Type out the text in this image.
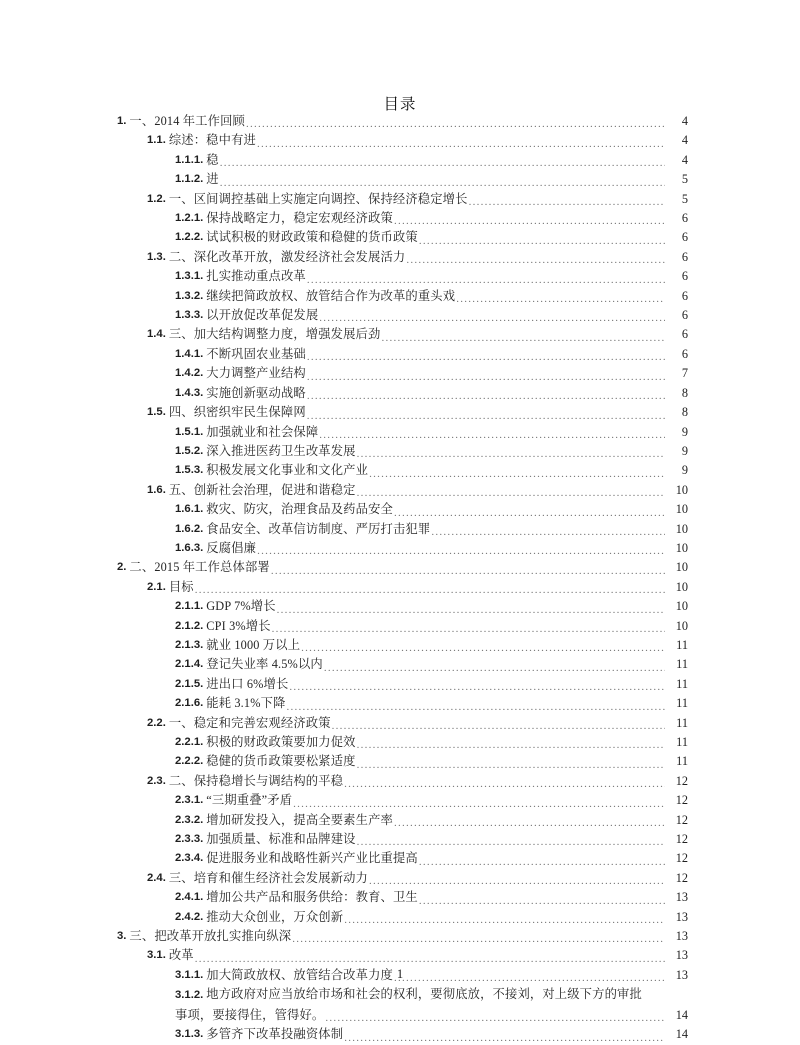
目录
1. 一、2014 年工作回顾 .....	4
1.1. 综述：稳中有进 .....	4
1.1.1. 稳 .....	4
1.1.2. 进 .....	5
1.2. 一、区间调控基础上实施定向调控、保持经济稳定增长 .....	5
1.2.1. 保持战略定力，稳定宏观经济政策 .....	6
1.2.2. 试试积极的财政政策和稳健的货币政策 .....	6
1.3. 二、深化改革开放，激发经济社会发展活力 .....	6
1.3.1. 扎实推动重点改革 .....	6
1.3.2. 继续把简政放权、放管结合作为改革的重头戏 .....	6
1.3.3. 以开放促改革促发展 .....	6
1.4. 三、加大结构调整力度，增强发展后劲 .....	6
1.4.1. 不断巩固农业基础 .....	6
1.4.2. 大力调整产业结构 .....	7
1.4.3. 实施创新驱动战略 .....	8
1.5. 四、织密织牢民生保障网 .....	8
1.5.1. 加强就业和社会保障 .....	9
1.5.2. 深入推进医药卫生改革发展 .....	9
1.5.3. 积极发展文化事业和文化产业 .....	9
1.6. 五、创新社会治理，促进和谐稳定 .....	10
1.6.1. 救灾、防灾，治理食品及药品安全 .....	10
1.6.2. 食品安全、改革信访制度、严厉打击犯罪 .....	10
1.6.3. 反腐倡廉 .....	10
2. 二、2015 年工作总体部署 .....	10
2.1. 目标 .....	10
2.1.1. GDP 7%增长 .....	10
2.1.2. CPI 3%增长 .....	10
2.1.3. 就业 1000 万以上 .....	11
2.1.4. 登记失业率 4.5%以内 .....	11
2.1.5. 进出口 6%增长 .....	11
2.1.6. 能耗 3.1%下降 .....	11
2.2. 一、稳定和完善宏观经济政策 .....	11
2.2.1. 积极的财政政策要加力促效 .....	11
2.2.2. 稳健的货币政策要松紧适度 .....	11
2.3. 二、保持稳增长与调结构的平稳 .....	12
2.3.1. “三期重叠”矛盾 .....	12
2.3.2. 增加研发投入，提高全要素生产率 .....	12
2.3.3. 加强质量、标准和品牌建设 .....	12
2.3.4. 促进服务业和战略性新兴产业比重提高 .....	12
2.4. 三、培育和催生经济社会发展新动力 .....	12
2.4.1. 增加公共产品和服务供给：教育、卫生 .....	13
2.4.2. 推动大众创业，万众创新 .....	13
3. 三、把改革开放扎实推向纵深 .....	13
3.1. 改革 .....	13
3.1.1. 加大简政放权、放管结合改革力度 .....	13
3.1.2. 地方政府对应当放给市场和社会的权利，要彻底放，不接刘，对上级下方的审批
事项，要接得住，管得好。 .....	14
3.1.3. 多管齐下改革投融资体制 .....	14
1
